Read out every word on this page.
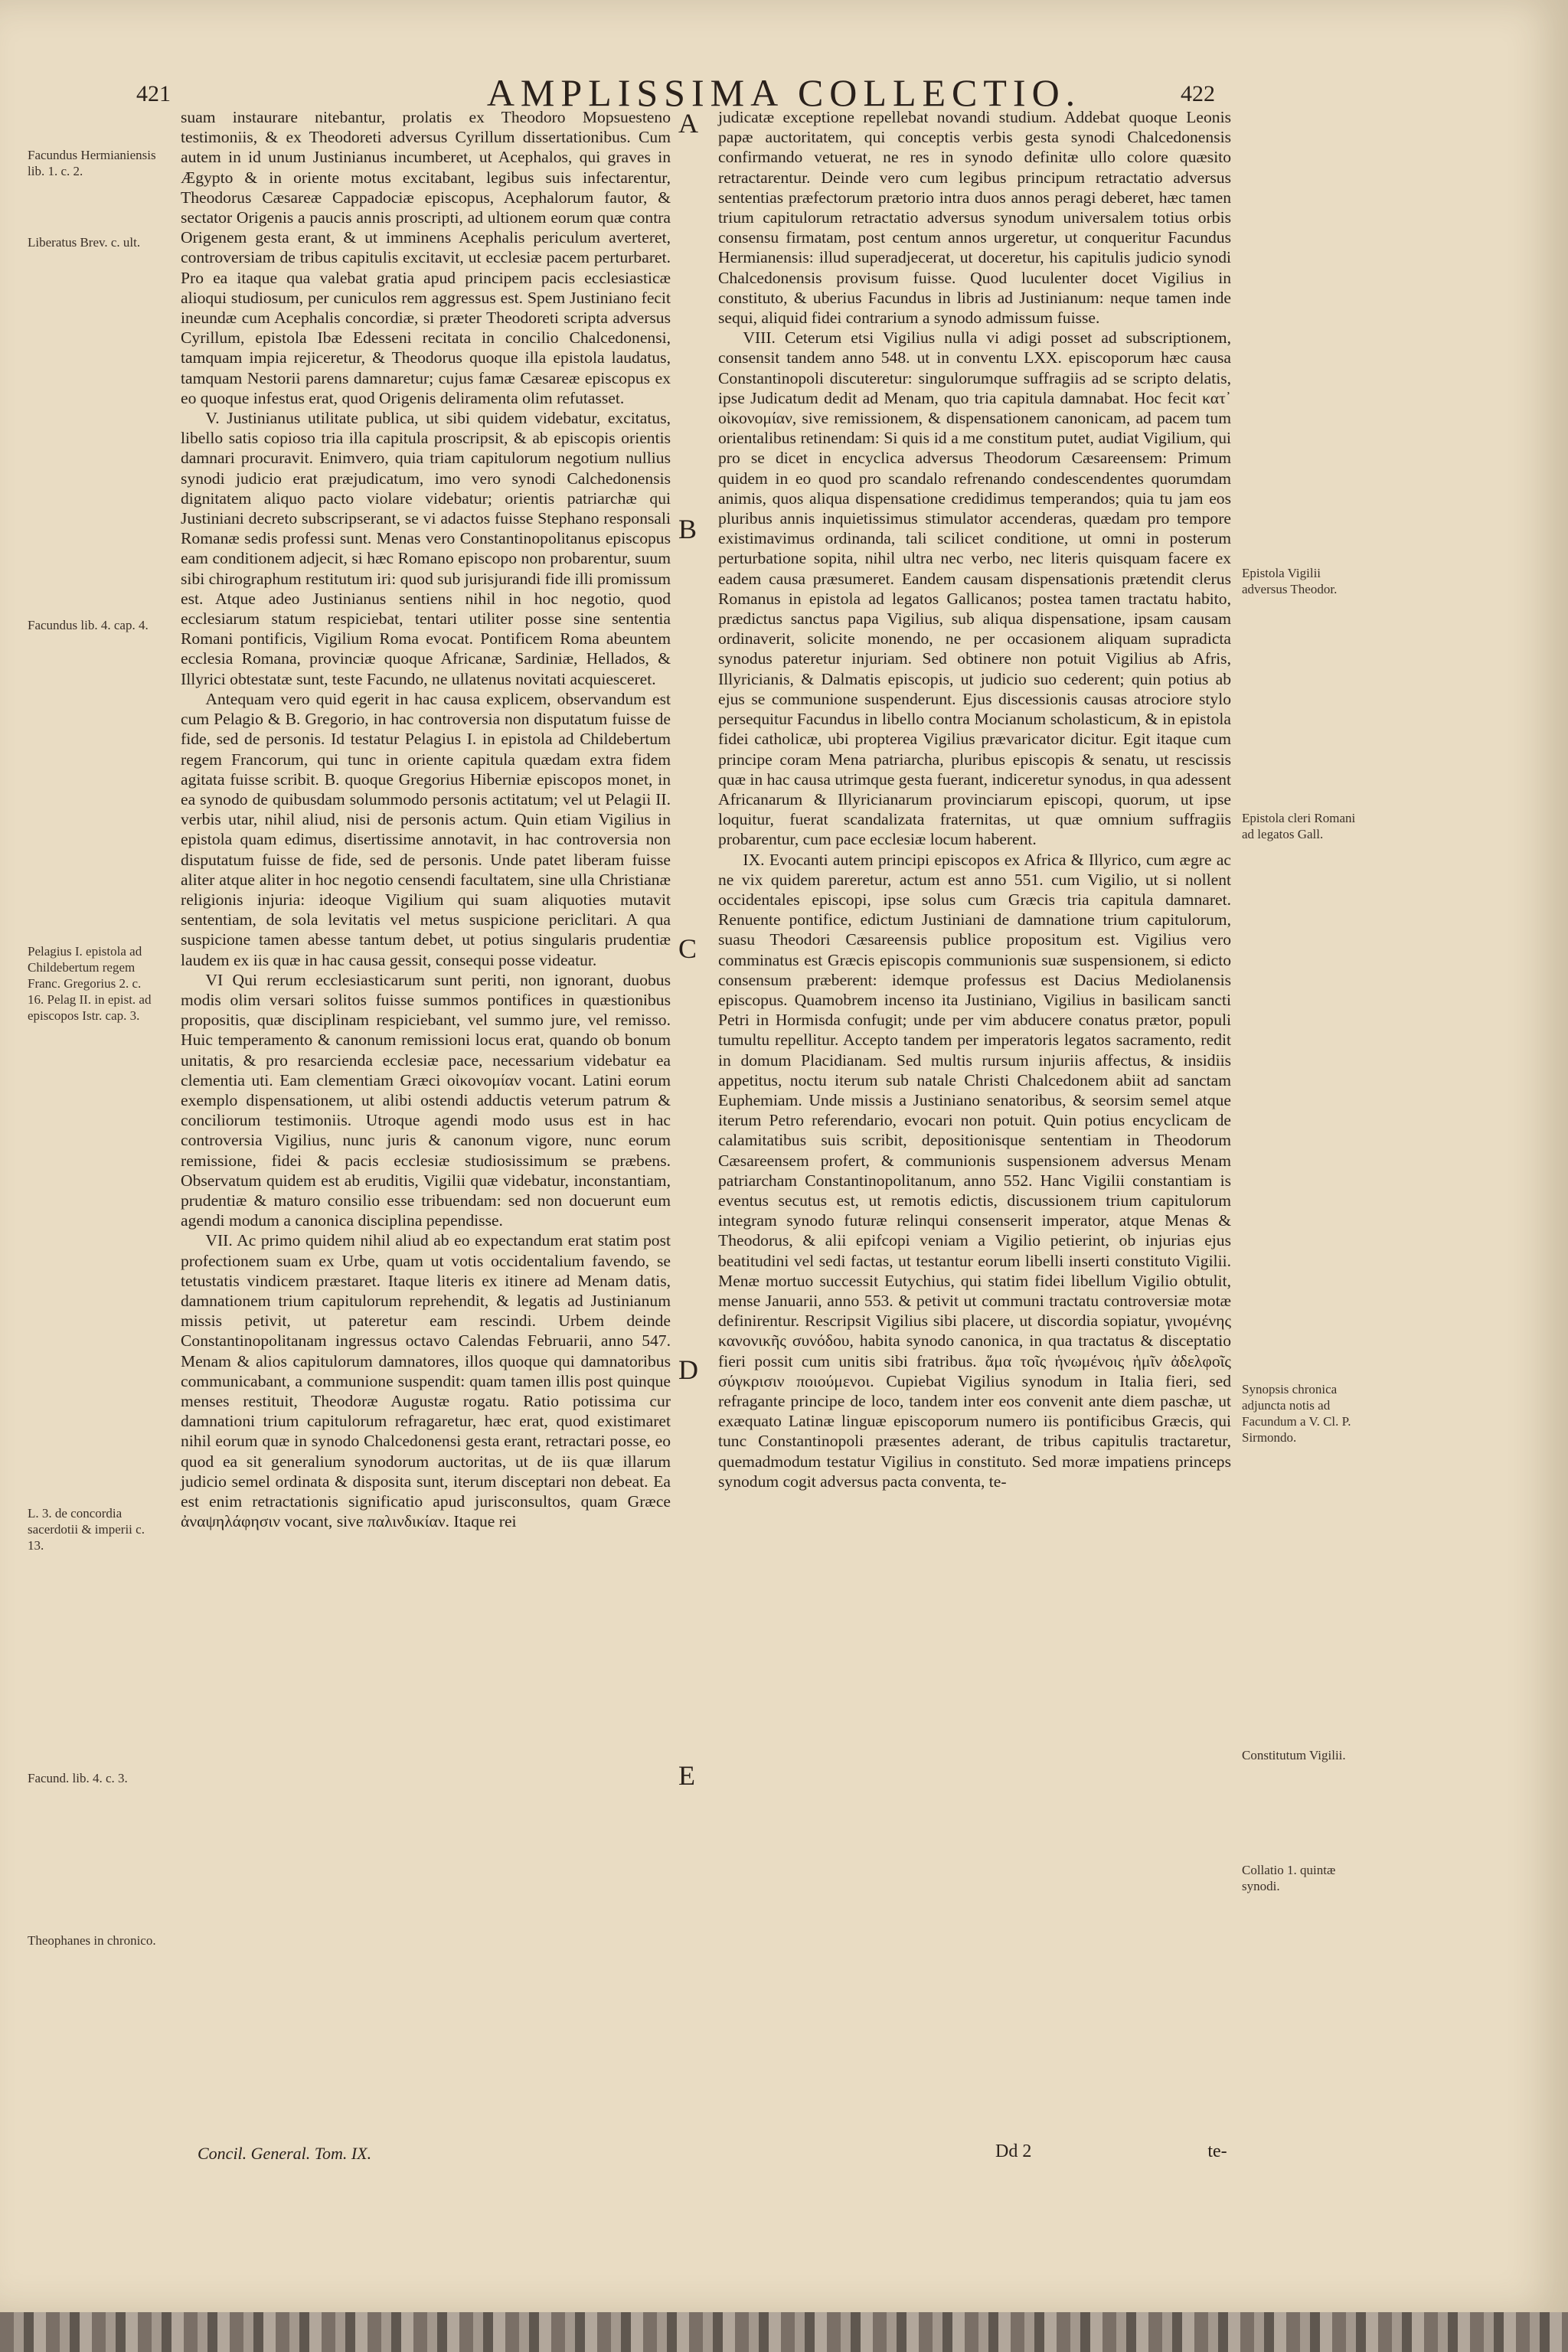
421	AMPLISSIMA COLLECTIO.	422

suam instaurare nitebantur, prolatis ex Theodoro Mopsuesteno testimoniis, & ex Theodoreti adversus Cyrillum dissertationibus. Cum autem in id unum Justinianus incumberet, ut Acephalos, qui graves in Ægypto & in oriente motus excitabant, legibus suis infectarentur, Theodorus Cæsareæ Cappadociæ episcopus, Acephalorum fautor, & sectator Origenis a paucis annis proscripti, ad ultionem eorum quæ contra Origenem gesta erant, & ut imminens Acephalis periculum averteret, controversiam de tribus capitulis excitavit, ut ecclesiæ pacem perturbaret. Pro ea itaque qua valebat gratia apud principem pacis ecclesiasticæ alioqui studiosum, per cuniculos rem aggressus est. Spem Justiniano fecit ineundæ cum Acephalis concordiæ, si præter Theodoreti scripta adversus Cyrillum, epistola Ibæ Edesseni recitata in concilio Chalcedonensi, tamquam impia rejiceretur, & Theodorus quoque illa epistola laudatus, tamquam Nestorii parens damnaretur; cujus famæ Cæsareæ episcopus ex eo quoque infestus erat, quod Origenis deliramenta olim refutasset.

V. Justinianus utilitate publica, ut sibi quidem videbatur, excitatus, libello satis copioso tria illa capitula proscripsit, & ab episcopis orientis damnari procuravit. Enimvero, quia triam capitulorum negotium nullius synodi judicio erat præjudicatum, imo vero synodi Calchedonensis dignitatem aliquo pacto violare videbatur; orientis patriarchæ qui Justiniani decreto subscripserant, se vi adactos fuisse Stephano responsali Romanæ sedis professi sunt. Menas vero Constantinopolitanus episcopus eam conditionem adjecit, si hæc Romano episcopo non probarentur, suum sibi chirographum restitutum iri: quod sub jurisjurandi fide illi promissum est. Atque adeo Justinianus sentiens nihil in hoc negotio, quod ecclesiarum statum respiciebat, tentari utiliter posse sine sententia Romani pontificis, Vigilium Roma evocat. Pontificem Roma abeuntem ecclesia Romana, provinciæ quoque Africanæ, Sardiniæ, Hellados, & Illyrici obtestatæ sunt, teste Facundo, ne ullatenus novitati acquiesceret.

Antequam vero quid egerit in hac causa explicem, observandum est cum Pelagio & B. Gregorio, in hac controversia non disputatum fuisse de fide, sed de personis. Id testatur Pelagius I. in epistola ad Childebertum regem Francorum, qui tunc in oriente capitula quædam extra fidem agitata fuisse scribit. B. quoque Gregorius Hiberniæ episcopos monet, in ea synodo de quibusdam solummodo personis actitatum; vel ut Pelagii II. verbis utar, nihil aliud, nisi de personis actum. Quin etiam Vigilius in epistola quam edimus, disertissime annotavit, in hac controversia non disputatum fuisse de fide, sed de personis. Unde patet liberam fuisse aliter atque aliter in hoc negotio censendi facultatem, sine ulla Christianæ religionis injuria: ideoque Vigilium qui suam aliquoties mutavit sententiam, de sola levitatis vel metus suspicione periclitari. A qua suspicione tamen abesse tantum debet, ut potius singularis prudentiæ laudem ex iis quæ in hac causa gessit, consequi posse videatur.

VI Qui rerum ecclesiasticarum sunt periti, non ignorant, duobus modis olim versari solitos fuisse summos pontifices in quæstionibus propositis, quæ disciplinam respiciebant, vel summo jure, vel remisso. Huic temperamento & canonum remissioni locus erat, quando ob bonum unitatis, & pro resarcienda ecclesiæ pace, necessarium videbatur ea clementia uti. Eam clementiam Græci οἰκονομίαν vocant. Latini eorum exemplo dispensationem, ut alibi ostendi adductis veterum patrum & conciliorum testimoniis. Utroque agendi modo usus est in hac controversia Vigilius, nunc juris & canonum vigore, nunc eorum remissione, fidei & pacis ecclesiæ studiosissimum se præbens. Observatum quidem est ab eruditis, Vigilii quæ videbatur, inconstantiam, prudentiæ & maturo consilio esse tribuendam: sed non docuerunt eum agendi modum a canonica disciplina pependisse.

VII. Ac primo quidem nihil aliud ab eo expectandum erat statim post profectionem suam ex Urbe, quam ut votis occidentalium favendo, se tetustatis vindicem præstaret. Itaque literis ex itinere ad Menam datis, damnationem trium capitulorum reprehendit, & legatis ad Justinianum missis petivit, ut pateretur eam rescindi. Urbem deinde Constantinopolitanam ingressus octavo Calendas Februarii, anno 547. Menam & alios capitulorum damnatores, illos quoque qui damnatoribus communicabant, a communione suspendit: quam tamen illis post quinque menses restituit, Theodoræ Augustæ rogatu. Ratio potissima cur damnationi trium capitulorum refragaretur, hæc erat, quod existimaret nihil eorum quæ in synodo Chalcedonensi gesta erant, retractari posse, eo quod ea sit generalium synodorum auctoritas, ut de iis quæ illarum judicio semel ordinata & disposita sunt, iterum disceptari non debeat. Ea est enim retractationis significatio apud jurisconsultos, quam Græce ἀναψηλάφησιν vocant, sive παλινδικίαν. Itaque rei

judicatæ exceptione repellebat novandi studium. Addebat quoque Leonis papæ auctoritatem, qui conceptis verbis gesta synodi Chalcedonensis confirmando vetuerat, ne res in synodo definitæ ullo colore quæsito retractarentur. Deinde vero cum legibus principum retractatio adversus sententias præfectorum prætorio intra duos annos peragi deberet, hæc tamen trium capitulorum retractatio adversus synodum universalem totius orbis consensu firmatam, post centum annos urgeretur, ut conqueritur Facundus Hermianensis: illud superadjecerat, ut doceretur, his capitulis judicio synodi Chalcedonensis provisum fuisse. Quod luculenter docet Vigilius in constituto, & uberius Facundus in libris ad Justinianum: neque tamen inde sequi, aliquid fidei contrarium a synodo admissum fuisse.

VIII. Ceterum etsi Vigilius nulla vi adigi posset ad subscriptionem, consensit tandem anno 548. ut in conventu LXX. episcoporum hæc causa Constantinopoli discuteretur: singulorumque suffragiis ad se scripto delatis, ipse Judicatum dedit ad Menam, quo tria capitula damnabat. Hoc fecit κατ᾿ οἰκονομίαν, sive remissionem, & dispensationem canonicam, ad pacem tum orientalibus retinendam: Si quis id a me constitum putet, audiat Vigilium, qui pro se dicet in encyclica adversus Theodorum Cæsareensem: Primum quidem in eo quod pro scandalo refrenando condescendentes quorumdam animis, quos aliqua dispensatione credidimus temperandos; quia tu jam eos pluribus annis inquietissimus stimulator accenderas, quædam pro tempore existimavimus ordinanda, tali scilicet conditione, ut omni in posterum perturbatione sopita, nihil ultra nec verbo, nec literis quisquam facere ex eadem causa præsumeret. Eandem causam dispensationis prætendit clerus Romanus in epistola ad legatos Gallicanos; postea tamen tractatu habito, prædictus sanctus papa Vigilius, sub aliqua dispensatione, ipsam causam ordinaverit, solicite monendo, ne per occasionem aliquam supradicta synodus pateretur injuriam. Sed obtinere non potuit Vigilius ab Afris, Illyricianis, & Dalmatis episcopis, ut judicio suo cederent; quin potius ab ejus se communione suspenderunt. Ejus discessionis causas atrociore stylo persequitur Facundus in libello contra Mocianum scholasticum, & in epistola fidei catholicæ, ubi propterea Vigilius prævaricator dicitur. Egit itaque cum principe coram Mena patriarcha, pluribus episcopis & senatu, ut rescissis quæ in hac causa utrimque gesta fuerant, indiceretur synodus, in qua adessent Africanarum & Illyricianarum provinciarum episcopi, quorum, ut ipse loquitur, fuerat scandalizata fraternitas, ut quæ omnium suffragiis probarentur, cum pace ecclesiæ locum haberent.

IX. Evocanti autem principi episcopos ex Africa & Illyrico, cum ægre ac ne vix quidem pareretur, actum est anno 551. cum Vigilio, ut si nollent occidentales episcopi, ipse solus cum Græcis tria capitula damnaret. Renuente pontifice, edictum Justiniani de damnatione trium capitulorum, suasu Theodori Cæsareensis publice propositum est. Vigilius vero comminatus est Græcis episcopis communionis suæ suspensionem, si edicto consensum præberent: idemque professus est Dacius Mediolanensis episcopus. Quamobrem incenso ita Justiniano, Vigilius in basilicam sancti Petri in Hormisda confugit; unde per vim abducere conatus prætor, populi tumultu repellitur. Accepto tandem per imperatoris legatos sacramento, redit in domum Placidianam. Sed multis rursum injuriis affectus, & insidiis appetitus, noctu iterum sub natale Christi Chalcedonem abiit ad sanctam Euphemiam. Unde missis a Justiniano senatoribus, & seorsim semel atque iterum Petro referendario, evocari non potuit. Quin potius encyclicam de calamitatibus suis scribit, depositionisque sententiam in Theodorum Cæsareensem profert, & communionis suspensionem adversus Menam patriarcham Constantinopolitanum, anno 552. Hanc Vigilii constantiam is eventus secutus est, ut remotis edictis, discussionem trium capitulorum integram synodo futuræ relinqui consenserit imperator, atque Menas & Theodorus, & alii epifcopi veniam a Vigilio petierint, ob injurias ejus beatitudini vel sedi factas, ut testantur eorum libelli inserti constituto Vigilii. Menæ mortuo successit Eutychius, qui statim fidei libellum Vigilio obtulit, mense Januarii, anno 553. & petivit ut communi tractatu controversiæ motæ definirentur. Rescripsit Vigilius sibi placere, ut discordia sopiatur, γινομένης κανονικῆς συνόδου, habita synodo canonica, in qua tractatus & disceptatio fieri possit cum unitis sibi fratribus. ἅμα τοῖς ἡνωμένοις ἡμῖν ἀδελφοῖς σύγκρισιν ποιούμενοι. Cupiebat Vigilius synodum in Italia fieri, sed refragante principe de loco, tandem inter eos convenit ante diem paschæ, ut exæquato Latinæ linguæ episcoporum numero iis pontificibus Græcis, qui tunc Constantinopoli præsentes aderant, de tribus capitulis tractaretur, quemadmodum testatur Vigilius in constituto. Sed moræ impatiens princeps synodum cogit adversus pacta conventa, te-

A
B
C
D
E
Facundus Hermianiensis lib. 1. c. 2.
Liberatus Brev. c. ult.
Facundus lib. 4. cap. 4.
Pelagius I. epistola ad Childebertum regem Franc. Gregorius 2. c. 16. Pelag II. in epist. ad episcopos Istr. cap. 3.
L. 3. de concordia sacerdotii & imperii c. 13.
Facund. lib. 4. c. 3.
Theophanes in chronico.
Epistola Vigilii adversus Theodor.
Epistola cleri Romani ad legatos Gall.
Synopsis chronica adjuncta notis ad Facundum a V. Cl. P. Sirmondo.
Constitutum Vigilii.
Collatio 1. quintæ synodi.
Concil. General. Tom. IX.	Dd 2	te-
